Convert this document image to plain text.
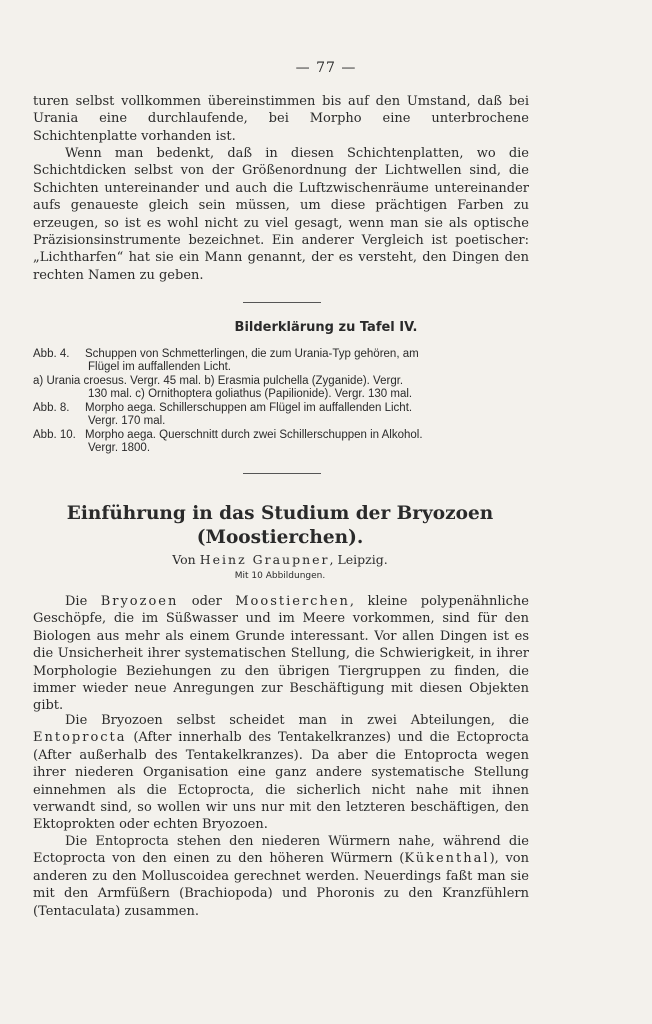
— 77 —
turen selbst vollkommen übereinstimmen bis auf den Umstand, daß bei Urania eine durchlaufende, bei Morpho eine unterbrochene Schichtenplatte vorhanden ist.
Wenn man bedenkt, daß in diesen Schichtenplatten, wo die Schichtdicken selbst von der Größenordnung der Lichtwellen sind, die Schichten untereinander und auch die Luftzwischenräume untereinander aufs genaueste gleich sein müssen, um diese prächtigen Farben zu erzeugen, so ist es wohl nicht zu viel gesagt, wenn man sie als optische Präzisionsinstrumente bezeichnet. Ein anderer Vergleich ist poetischer: „Lichtharfen“ hat sie ein Mann genannt, der es versteht, den Dingen den rechten Namen zu geben.
Bilderklärung zu Tafel IV.
Abb. 4. Schuppen von Schmetterlingen, die zum Urania-Typ gehören, am
Flügel im auffallenden Licht.
a) Urania croesus. Vergr. 45 mal. b) Erasmia pulchella (Zyganide). Vergr.
130 mal. c) Ornithoptera goliathus (Papilionide). Vergr. 130 mal.
Abb. 8. Morpho aega. Schillerschuppen am Flügel im auffallenden Licht.
Vergr. 170 mal.
Abb. 10. Morpho aega. Querschnitt durch zwei Schillerschuppen in Alkohol.
Vergr. 1800.
Einführung in das Studium der Bryozoen
(Moostierchen).
Von Heinz Graupner, Leipzig.
Mit 10 Abbildungen.
Die Bryozoen oder Moostierchen, kleine polypenähnliche Geschöpfe, die im Süßwasser und im Meere vorkommen, sind für den Biologen aus mehr als einem Grunde interessant. Vor allen Dingen ist es die Unsicherheit ihrer systematischen Stellung, die Schwierigkeit, in ihrer Morphologie Beziehungen zu den übrigen Tiergruppen zu finden, die immer wieder neue Anregungen zur Beschäftigung mit diesen Objekten gibt.
Die Bryozoen selbst scheidet man in zwei Abteilungen, die Entoprocta (After innerhalb des Tentakelkranzes) und die Ectoprocta (After außerhalb des Tentakelkranzes). Da aber die Entoprocta wegen ihrer niederen Organisation eine ganz andere systematische Stellung einnehmen als die Ectoprocta, die sicherlich nicht nahe mit ihnen verwandt sind, so wollen wir uns nur mit den letzteren beschäftigen, den Ektoprokten oder echten Bryozoen.
Die Entoprocta stehen den niederen Würmern nahe, während die Ectoprocta von den einen zu den höheren Würmern (Kükenthal), von anderen zu den Molluscoidea gerechnet werden. Neuerdings faßt man sie mit den Armfüßern (Brachiopoda) und Phoronis zu den Kranzfühlern (Tentaculata) zusammen.
